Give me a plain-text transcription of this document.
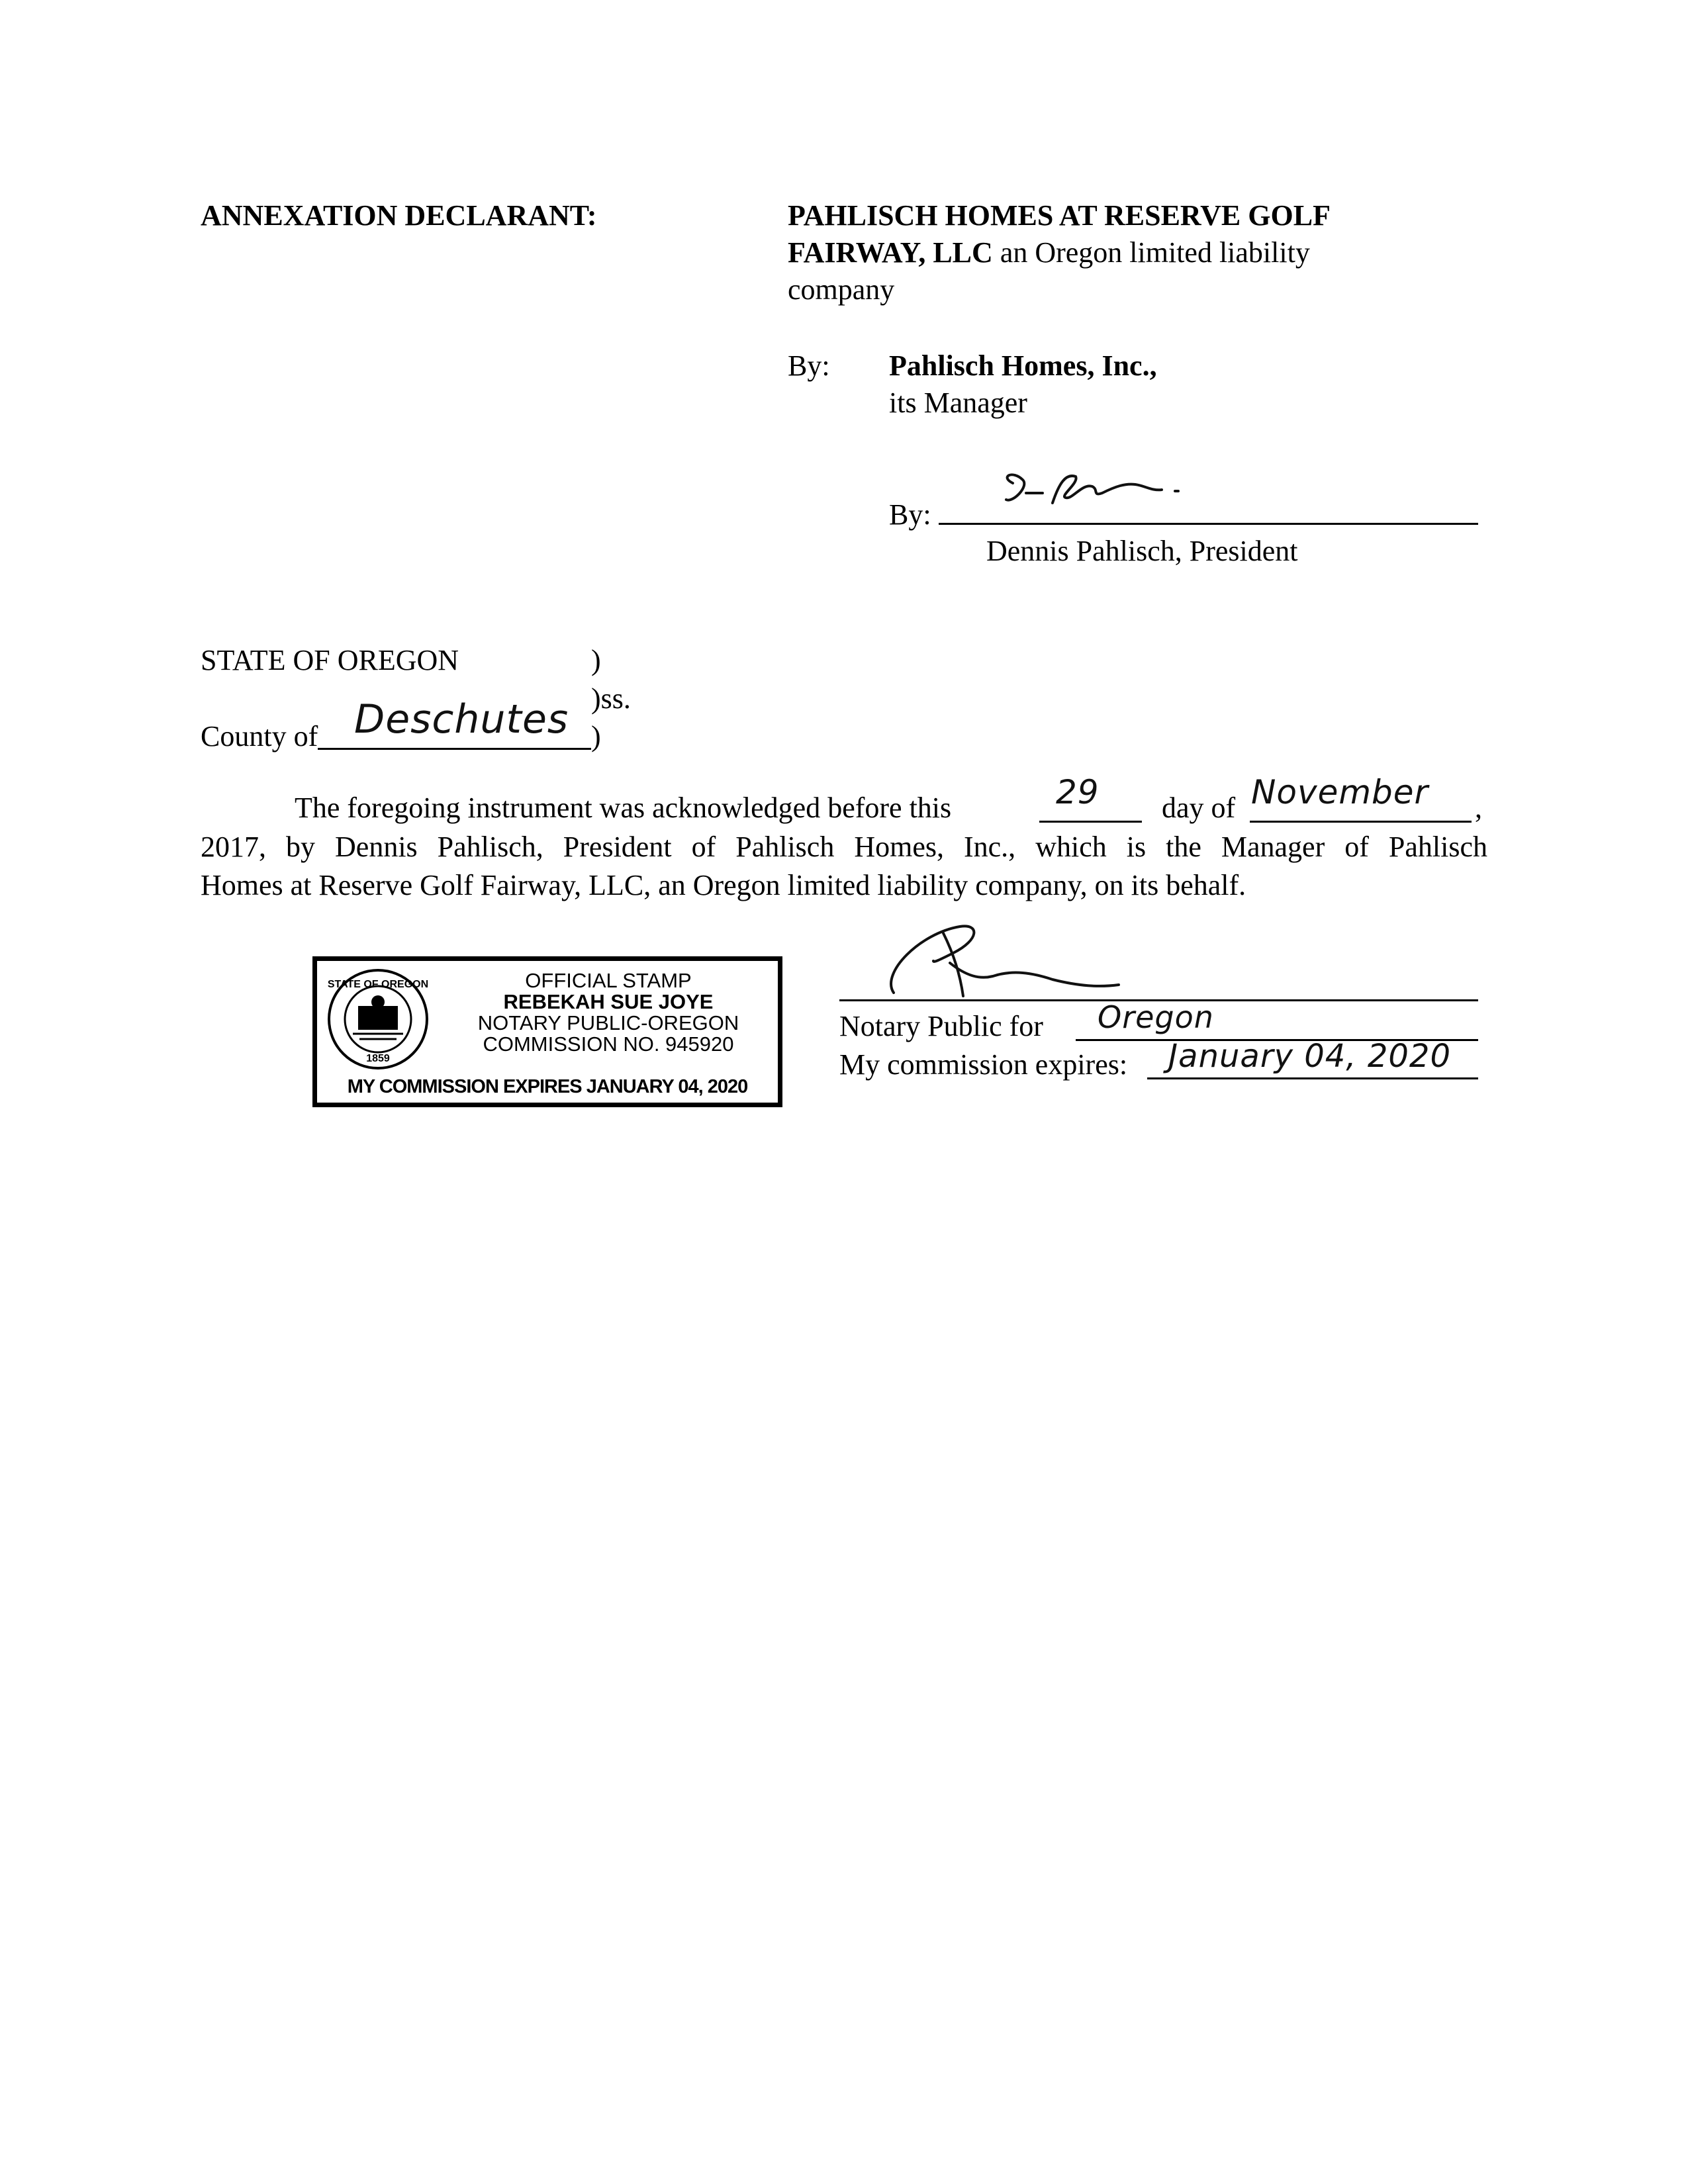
ANNEXATION DECLARANT:	PAHLISCH HOMES AT RESERVE GOLF
FAIRWAY, LLC an Oregon limited liability
company
By: Pahlisch Homes, Inc.,
its Manager
By:
Dennis Pahlisch, President
STATE OF OREGON	)
)ss.
County of Deschutes )
The foregoing instrument was acknowledged before this	29 day of November ,
2017, by Dennis Pahlisch, President of Pahlisch Homes, Inc., which is the Manager of Pahlisch
Homes at Reserve Golf Fairway, LLC, an Oregon limited liability company, on its behalf.
STATE OF OREGON
1859
OFFICIAL STAMP
REBEKAH SUE JOYE
NOTARY PUBLIC-OREGON
COMMISSION NO. 945920
MY COMMISSION EXPIRES JANUARY 04, 2020
Notary Public for Oregon
My commission expires: January 04, 2020
